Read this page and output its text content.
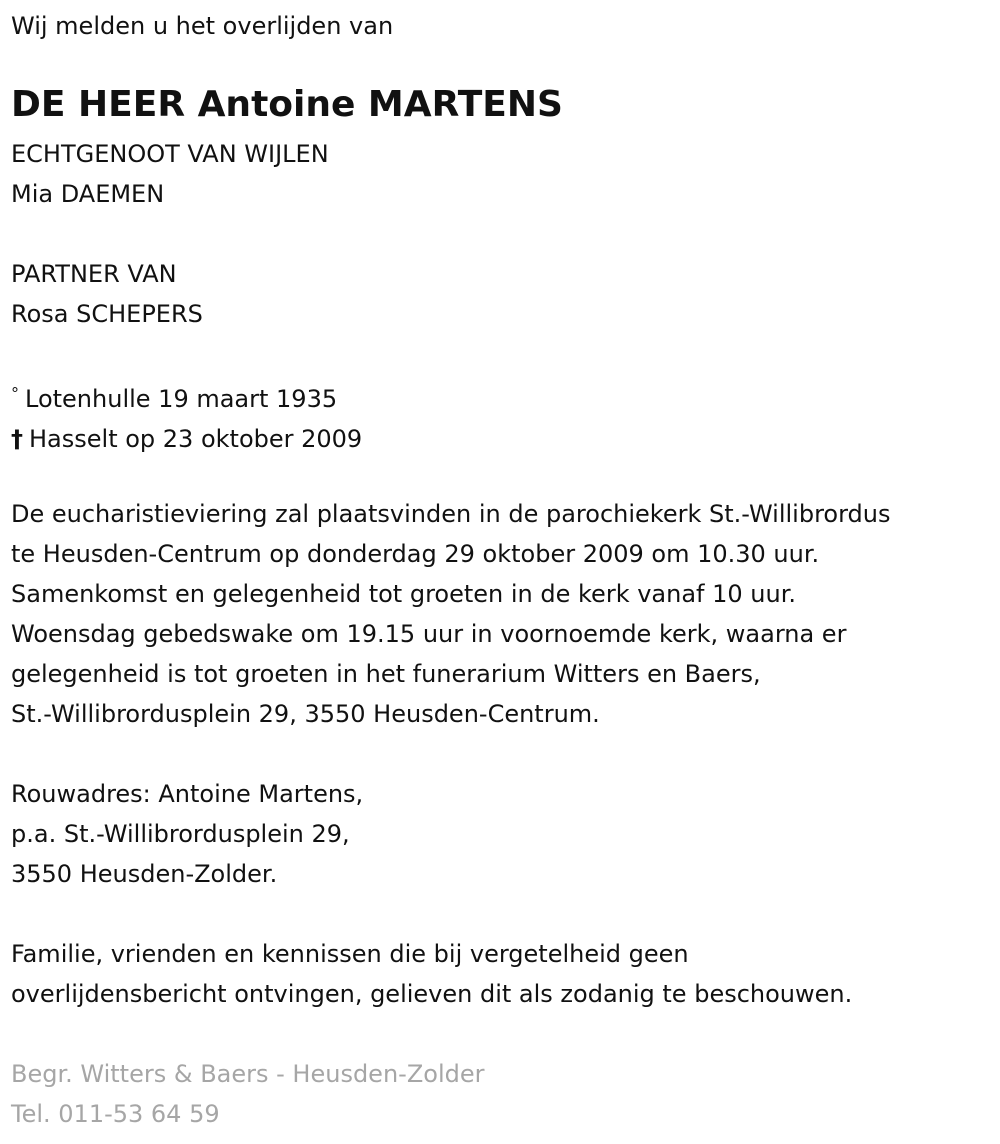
Wij melden u het overlijden van

DE HEER Antoine MARTENS

ECHTGENOOT VAN WIJLEN

Mia DAEMEN

PARTNER VAN

Rosa SCHEPERS

° Lotenhulle 19 maart 1935

† Hasselt op 23 oktober 2009

De eucharistieviering zal plaatsvinden in de parochiekerk St.-Willibrordus

te Heusden-Centrum op donderdag 29 oktober 2009 om 10.30 uur.

Samenkomst en gelegenheid tot groeten in de kerk vanaf 10 uur.

Woensdag gebedswake om 19.15 uur in voornoemde kerk, waarna er

gelegenheid is tot groeten in het funerarium Witters en Baers,

St.-Willibrordusplein 29, 3550 Heusden-Centrum.

Rouwadres: Antoine Martens,

p.a. St.-Willibrordusplein 29,

3550 Heusden-Zolder.

Familie, vrienden en kennissen die bij vergetelheid geen

overlijdensbericht ontvingen, gelieven dit als zodanig te beschouwen.

Begr. Witters & Baers - Heusden-Zolder

Tel. 011-53 64 59
